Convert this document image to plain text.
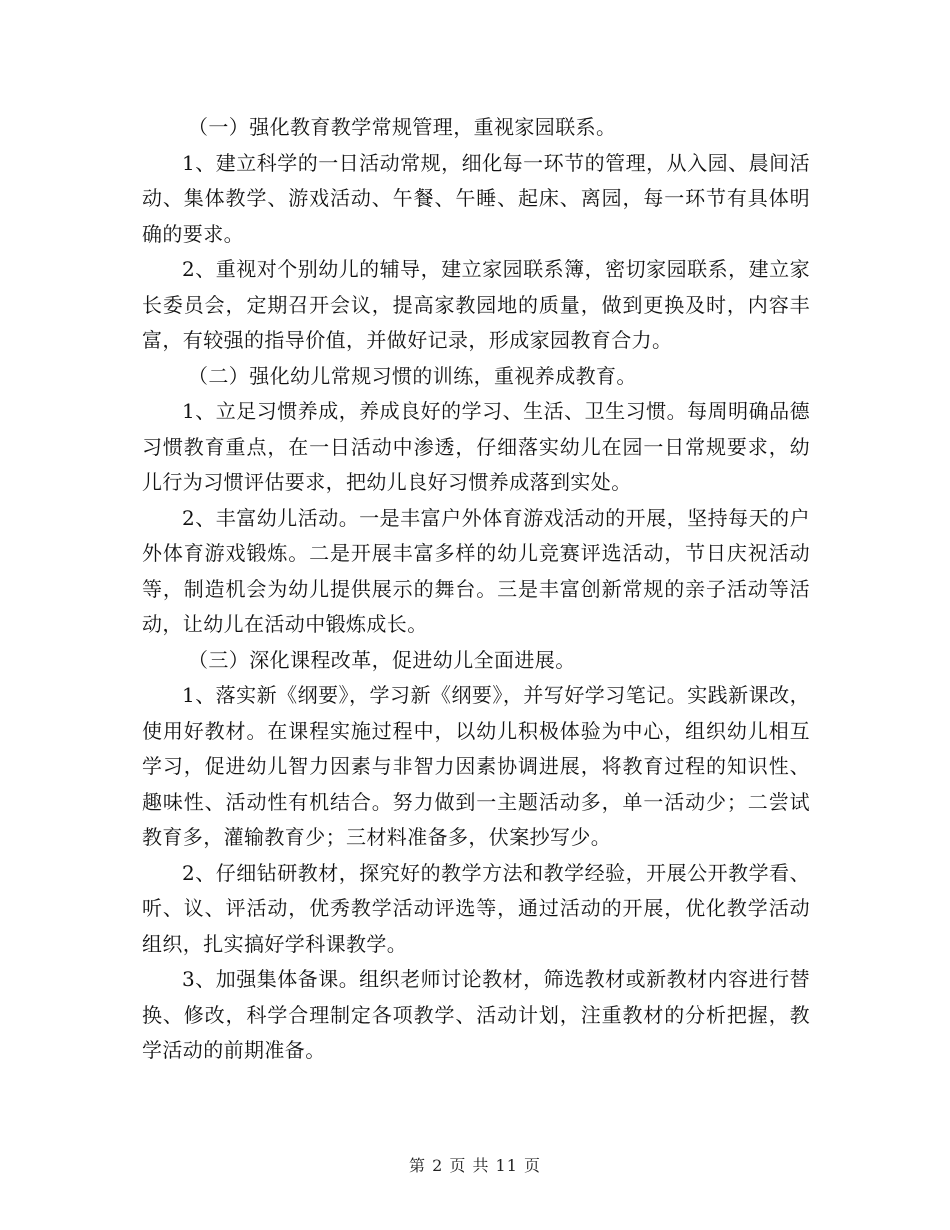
（一）强化教育教学常规管理，重视家园联系。

1、建立科学的一日活动常规，细化每一环节的管理，从入园、晨间活动、集体教学、游戏活动、午餐、午睡、起床、离园，每一环节有具体明确的要求。

2、重视对个别幼儿的辅导，建立家园联系簿，密切家园联系，建立家长委员会，定期召开会议，提高家教园地的质量，做到更换及时，内容丰富，有较强的指导价值，并做好记录，形成家园教育合力。

（二）强化幼儿常规习惯的训练，重视养成教育。

1、立足习惯养成，养成良好的学习、生活、卫生习惯。每周明确品德习惯教育重点，在一日活动中渗透，仔细落实幼儿在园一日常规要求，幼儿行为习惯评估要求，把幼儿良好习惯养成落到实处。

2、丰富幼儿活动。一是丰富户外体育游戏活动的开展，坚持每天的户外体育游戏锻炼。二是开展丰富多样的幼儿竞赛评选活动，节日庆祝活动等，制造机会为幼儿提供展示的舞台。三是丰富创新常规的亲子活动等活动，让幼儿在活动中锻炼成长。

（三）深化课程改革，促进幼儿全面进展。

1、落实新《纲要》，学习新《纲要》，并写好学习笔记。实践新课改，使用好教材。在课程实施过程中，以幼儿积极体验为中心，组织幼儿相互学习，促进幼儿智力因素与非智力因素协调进展，将教育过程的知识性、趣味性、活动性有机结合。努力做到一主题活动多，单一活动少；二尝试教育多，灌输教育少；三材料准备多，伏案抄写少。

2、仔细钻研教材，探究好的教学方法和教学经验，开展公开教学看、听、议、评活动，优秀教学活动评选等，通过活动的开展，优化教学活动组织，扎实搞好学科课教学。

3、加强集体备课。组织老师讨论教材，筛选教材或新教材内容进行替换、修改，科学合理制定各项教学、活动计划，注重教材的分析把握，教学活动的前期准备。

第 2 页 共 11 页
